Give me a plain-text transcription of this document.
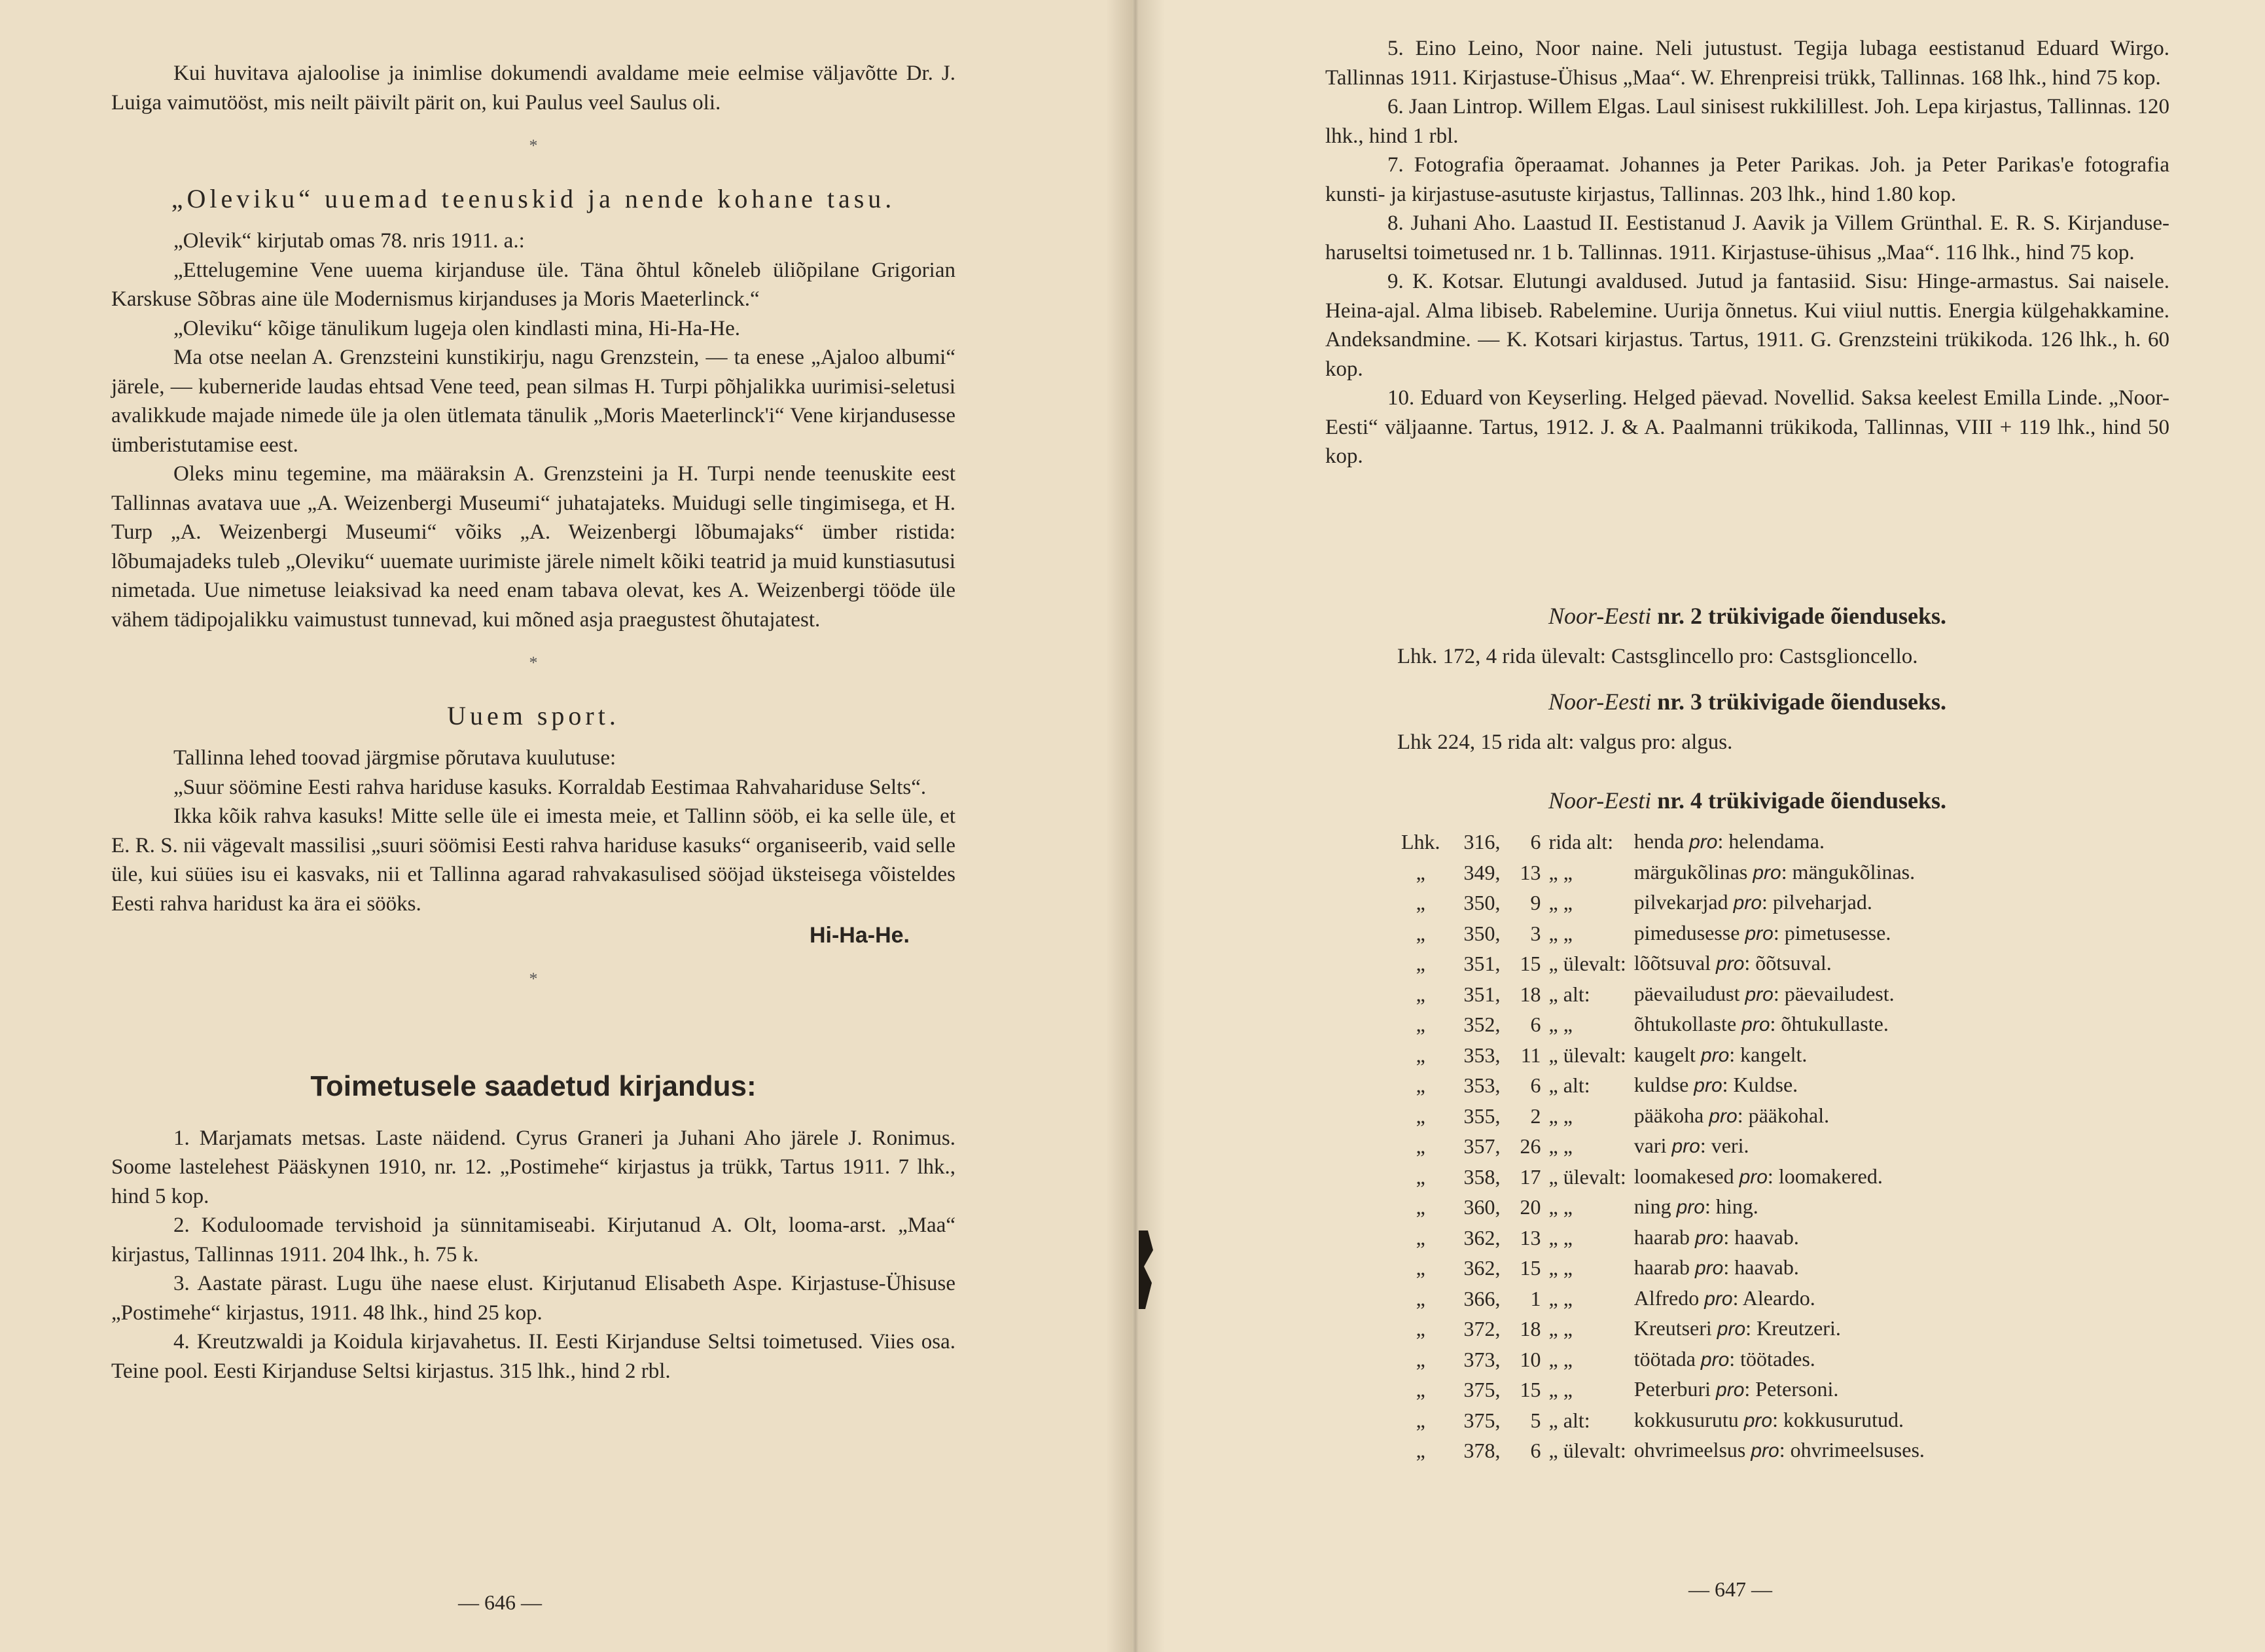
Kui huvitava ajaloolise ja inimlise dokumendi avaldame meie eelmise väljavõtte Dr. J. Luiga vaimutööst, mis neilt päivilt pärit on, kui Paulus veel Saulus oli.

*
„Oleviku“ uuemad teenuskid ja nende kohane tasu.

„Olevik“ kirjutab omas 78. nris 1911. a.:

„Ettelugemine Vene uuema kirjanduse üle. Täna õhtul kõneleb üliõpilane Grigorian Karskuse Sõbras aine üle Modernismus kirjanduses ja Moris Maeterlinck.“

„Oleviku“ kõige tänulikum lugeja olen kindlasti mina, Hi-Ha-He.

Ma otse neelan A. Grenzsteini kunstikirju, nagu Grenzstein, — ta enese „Ajaloo albumi“ järele, — kuberneride laudas ehtsad Vene teed, pean silmas H. Turpi põhjalikka uurimisi-seletusi avalikkude majade nimede üle ja olen ütlemata tänulik „Moris Maeterlinck'i“ Vene kirjandusesse ümberistutamise eest.

Oleks minu tegemine, ma määraksin A. Grenzsteini ja H. Turpi nende teenuskite eest Tallinnas avatava uue „A. Weizenbergi Museumi“ juhatajateks. Muidugi selle tingimisega, et H. Turp „A. Weizenbergi Museumi“ võiks „A. Weizenbergi lõbumajaks“ ümber ristida: lõbumajadeks tuleb „Oleviku“ uuemate uurimiste järele nimelt kõiki teatrid ja muid kunstiasutusi nimetada. Uue nimetuse leiaksivad ka need enam tabava olevat, kes A. Weizenbergi tööde üle vähem tädipojalikku vaimustust tunnevad, kui mõned asja praegustest õhutajatest.

*
Uuem sport.

Tallinna lehed toovad järgmise põrutava kuulutuse:

„Suur söömine Eesti rahva hariduse kasuks. Korraldab Eestimaa Rahvahariduse Selts“.

Ikka kõik rahva kasuks! Mitte selle üle ei imesta meie, et Tallinn sööb, ei ka selle üle, et E. R. S. nii vägevalt massilisi „suuri söömisi Eesti rahva hariduse kasuks“ organiseerib, vaid selle üle, kui süües isu ei kasvaks, nii et Tallinna agarad rahvakasulised sööjad üksteisega võisteldes Eesti rahva haridust ka ära ei sööks.

Hi-Ha-He.
*
Toimetusele saadetud kirjandus:

1. Marjamats metsas. Laste näidend. Cyrus Graneri ja Juhani Aho järele J. Ronimus. Soome lastelehest Pääskynen 1910, nr. 12. „Postimehe“ kirjastus ja trükk, Tartus 1911. 7 lhk., hind 5 kop.

2. Koduloomade tervishoid ja sünnitamiseabi. Kirjutanud A. Olt, looma-arst. „Maa“ kirjastus, Tallinnas 1911. 204 lhk., h. 75 k.

3. Aastate pärast. Lugu ühe naese elust. Kirjutanud Elisabeth Aspe. Kirjastuse-Ühisuse „Postimehe“ kirjastus, 1911. 48 lhk., hind 25 kop.

4. Kreutzwaldi ja Koidula kirjavahetus. II. Eesti Kirjanduse Seltsi toimetused. Viies osa. Teine pool. Eesti Kirjanduse Seltsi kirjastus. 315 lhk., hind 2 rbl.

— 646 —

5. Eino Leino, Noor naine. Neli jutustust. Tegija lubaga eestistanud Eduard Wirgo. Tallinnas 1911. Kirjastuse-Ühisus „Maa“. W. Ehrenpreisi trükk, Tallinnas. 168 lhk., hind 75 kop.

6. Jaan Lintrop. Willem Elgas. Laul sinisest rukkilillest. Joh. Lepa kirjastus, Tallinnas. 120 lhk., hind 1 rbl.

7. Fotografia õperaamat. Johannes ja Peter Parikas. Joh. ja Peter Parikas'e fotografia kunsti- ja kirjastuse-asutuste kirjastus, Tallinnas. 203 lhk., hind 1.80 kop.

8. Juhani Aho. Laastud II. Eestistanud J. Aavik ja Villem Grünthal. E. R. S. Kirjanduse-haruseltsi toimetused nr. 1 b. Tallinnas. 1911. Kirjastuse-ühisus „Maa“. 116 lhk., hind 75 kop.

9. K. Kotsar. Elutungi avaldused. Jutud ja fantasiid. Sisu: Hinge-armastus. Sai naisele. Heina-ajal. Alma libiseb. Rabelemine. Uurija õnnetus. Kui viiul nuttis. Energia külgehakkamine. Andeksandmine. — K. Kotsari kirjastus. Tartus, 1911. G. Grenzsteini trükikoda. 126 lhk., h. 60 kop.

10. Eduard von Keyserling. Helged päevad. Novellid. Saksa keelest Emilla Linde. „Noor-Eesti“ väljaanne. Tartus, 1912. J. & A. Paalmanni trükikoda, Tallinnas, VIII + 119 lhk., hind 50 kop.

Noor-Eesti nr. 2 trükivigade õienduseks.
Lhk. 172, 4 rida ülevalt: Castsglincello pro: Castsglioncello.
Noor-Eesti nr. 3 trükivigade õienduseks.
Lhk 224, 15 rida alt: valgus pro: algus.
Noor-Eesti nr. 4 trükivigade õienduseks.
Lhk.	316,	6	rida alt:	henda pro: helendama.
„	349,	13	„ „	märgukõlinas pro: mängukõlinas.
„	350,	9	„ „	pilvekarjad pro: pilveharjad.
„	350,	3	„ „	pimedusesse pro: pimetusesse.
„	351,	15	„ ülevalt:	lõõtsuval pro: õõtsuval.
„	351,	18	„ alt:	päevailudust pro: päevailudest.
„	352,	6	„ „	õhtukollaste pro: õhtukullaste.
„	353,	11	„ ülevalt:	kaugelt pro: kangelt.
„	353,	6	„ alt:	kuldse pro: Kuldse.
„	355,	2	„ „	pääkoha pro: pääkohal.
„	357,	26	„ „	vari pro: veri.
„	358,	17	„ ülevalt:	loomakesed pro: loomakered.
„	360,	20	„ „	ning pro: hing.
„	362,	13	„ „	haarab pro: haavab.
„	362,	15	„ „	haarab pro: haavab.
„	366,	1	„ „	Alfredo pro: Aleardo.
„	372,	18	„ „	Kreutseri pro: Kreutzeri.
„	373,	10	„ „	töötada pro: töötades.
„	375,	15	„ „	Peterburi pro: Petersoni.
„	375,	5	„ alt:	kokkusurutu pro: kokkusurutud.
„	378,	6	„ ülevalt:	ohvrimeelsus pro: ohvrimeelsuses.
— 647 —
